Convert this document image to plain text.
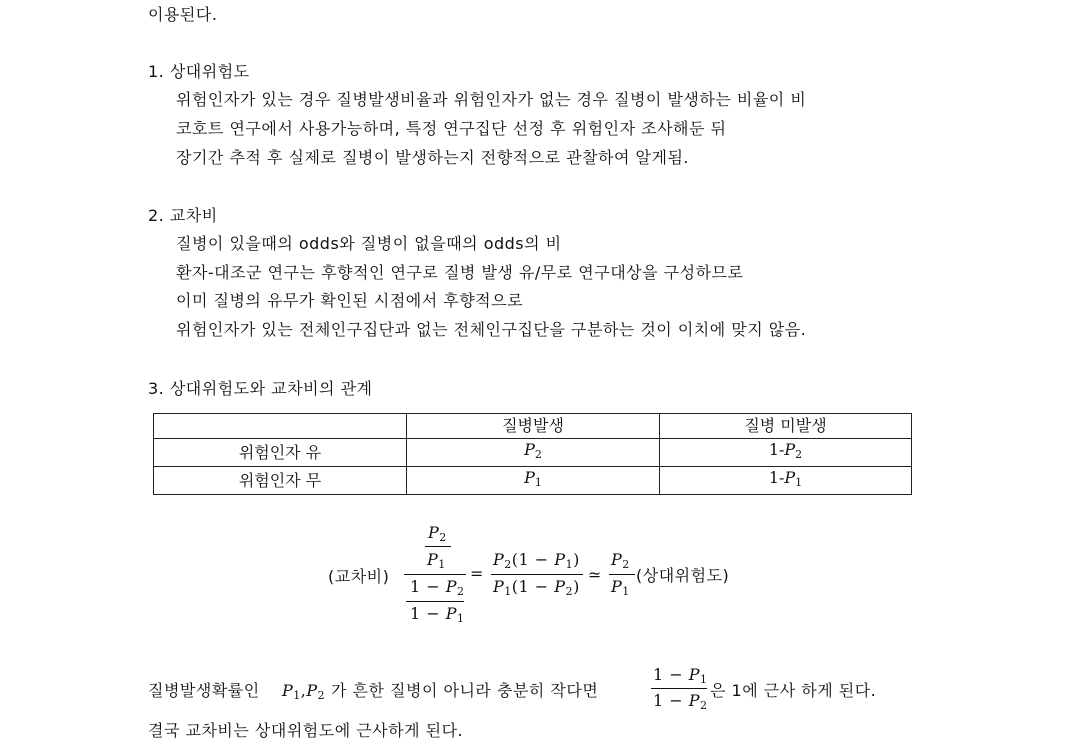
이용된다.
1. 상대위험도
위험인자가 있는 경우 질병발생비율과 위험인자가 없는 경우 질병이 발생하는 비율이 비
코호트 연구에서 사용가능하며, 특정 연구집단 선정 후 위험인자 조사해둔 뒤
장기간 추적 후 실제로 질병이 발생하는지 전향적으로 관찰하여 알게됨.
2. 교차비
질병이 있을때의 odds와 질병이 없을때의 odds의 비
환자-대조군 연구는 후향적인 연구로 질병 발생 유/무로 연구대상을 구성하므로
이미 질병의 유무가 확인된 시점에서 후향적으로
위험인자가 있는 전체인구집단과 없는 전체인구집단을 구분하는 것이 이치에 맞지 않음.
3. 상대위험도와 교차비의 관계
	질병발생	질병 미발생
위험인자 유	$P_2$	$1-P_2$
위험인자 무	$P_1$	$1-P_1$
(교차비)
$P_2$
$P_1$
$1 - P_2$
$1 - P_1$
=
$P_2(1 - P_1)$
$P_1(1 - P_2)$
≃
$P_2$
$P_1$
(상대위험도)
질병발생확률인 $P_1,P_2$ 가 흔한 질병이 아니라 충분히 작다면
$1 - P_1$
$1 - P_2$
은 1에 근사 하게 된다.
결국 교차비는 상대위험도에 근사하게 된다.
